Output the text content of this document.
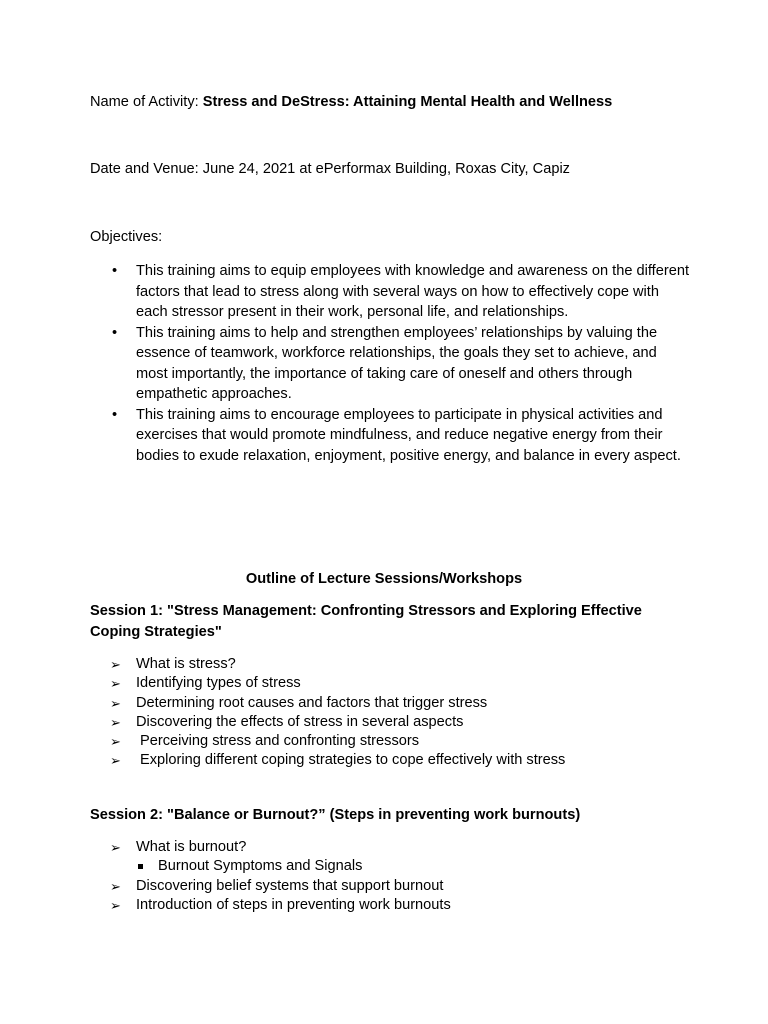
Name of Activity: Stress and DeStress: Attaining Mental Health and Wellness

Date and Venue: June 24, 2021 at ePerformax Building, Roxas City, Capiz

Objectives:

• This training aims to equip employees with knowledge and awareness on the different factors that lead to stress along with several ways on how to effectively cope with each stressor present in their work, personal life, and relationships.
• This training aims to help and strengthen employees’ relationships by valuing the essence of teamwork, workforce relationships, the goals they set to achieve, and most importantly, the importance of taking care of oneself and others through empathetic approaches.
• This training aims to encourage employees to participate in physical activities and exercises that would promote mindfulness, and reduce negative energy from their bodies to exude relaxation, enjoyment, positive energy, and balance in every aspect.

Outline of Lecture Sessions/Workshops

Session 1: "Stress Management: Confronting Stressors and Exploring Effective Coping Strategies"

➢ What is stress?
➢ Identifying types of stress
➢ Determining root causes and factors that trigger stress
➢ Discovering the effects of stress in several aspects
➢ Perceiving stress and confronting stressors
➢ Exploring different coping strategies to cope effectively with stress

Session 2: "Balance or Burnout?” (Steps in preventing work burnouts)

➢ What is burnout?
Burnout Symptoms and Signals
➢ Discovering belief systems that support burnout
➢ Introduction of steps in preventing work burnouts
